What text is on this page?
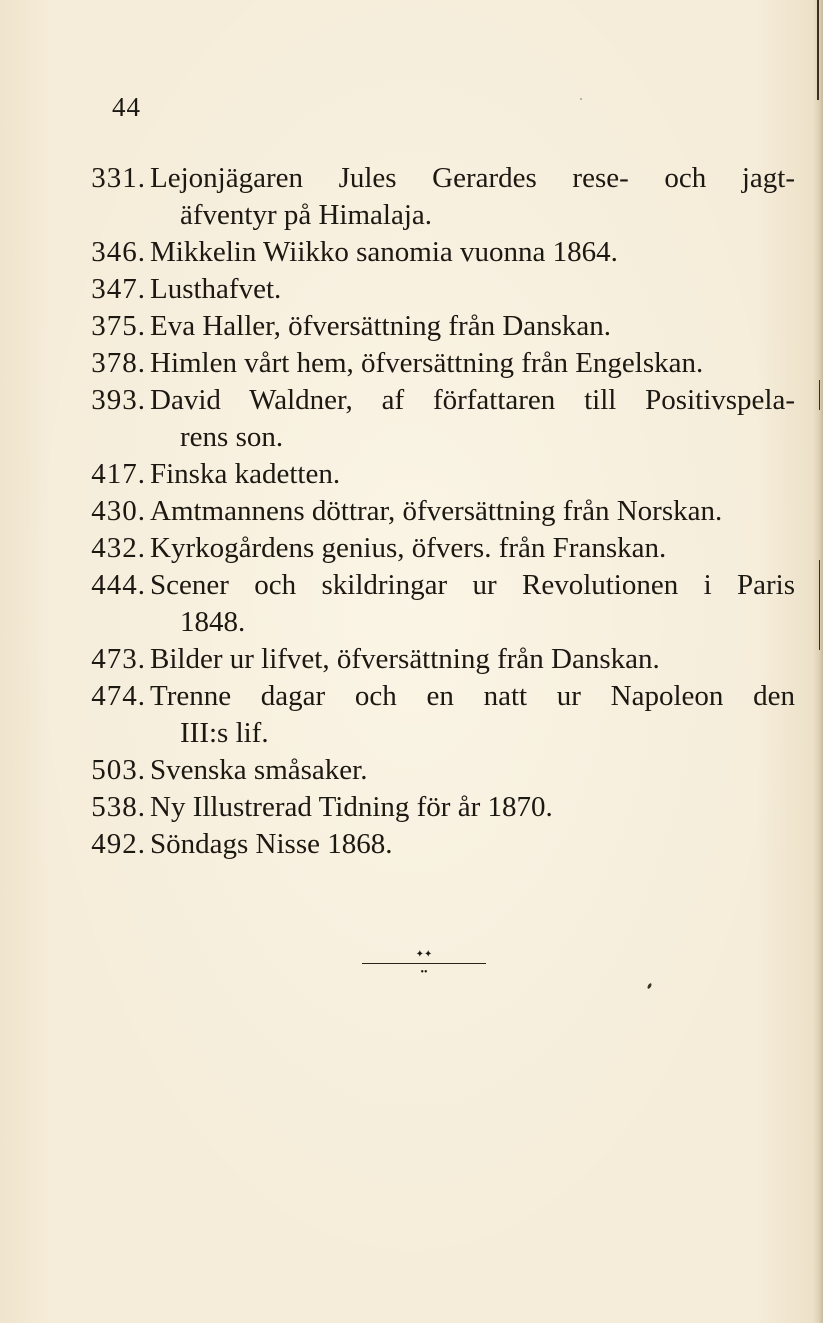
44
331. Lejonjägaren Jules Gerardes rese- och jagt-
äfventyr på Himalaja.
346. Mikkelin Wiikko sanomia vuonna 1864.
347. Lusthafvet.
375. Eva Haller, öfversättning från Danskan.
378. Himlen vårt hem, öfversättning från Engelskan.
393. David Waldner, af författaren till Positivspela-
rens son.
417. Finska kadetten.
430. Amtmannens döttrar, öfversättning från Norskan.
432. Kyrkogårdens genius, öfvers. från Franskan.
444. Scener och skildringar ur Revolutionen i Paris
1848.
473. Bilder ur lifvet, öfversättning från Danskan.
474. Trenne dagar och en natt ur Napoleon den
III:s lif.
503. Svenska småsaker.
538. Ny Illustrerad Tidning för år 1870.
492. Söndags Nisse 1868.
✦✦
••
